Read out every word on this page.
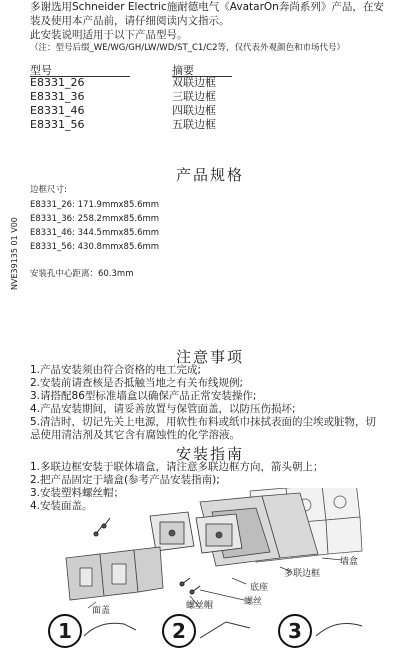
多谢选用Schneider Electric施耐德电气《AvatarOn奔尚系列》产品，在安
装及使用本产品前，请仔细阅读内文指示。
此安装说明适用于以下产品型号。
（注：型号后缀_WE/WG/GH/LW/WD/ST_C1/C2等，仅代表外观颜色和市场代号）
型号	摘要
E8331_26	双联边框
E8331_36	三联边框
E8331_46	四联边框
E8331_56	五联边框
产品规格
边框尺寸:
E8331_26: 171.9mmx85.6mm
E8331_36: 258.2mmx85.6mm
E8331_46: 344.5mmx85.6mm
E8331_56: 430.8mmx85.6mm
安装孔中心距离：60.3mm
NVE39135 01 V00
注意事项
1.产品安装须由符合资格的电工完成;
2.安装前请查核是否抵触当地之有关布线规例;
3.请搭配86型标准墙盒以确保产品正常安装操作;
4.产品安装期间，请妥善放置与保管面盖，以防压伤损坏;
5.清洁时，切记先关上电源，用软性布料或纸巾抹拭表面的尘埃或脏物，切
忌使用清洁剂及其它含有腐蚀性的化学溶液。
安装指南
1.多联边框安装于联体墙盒，请注意多联边框方向，箭头朝上；
2.把产品固定于墙盒(参考产品安装指南);
3.安装塑料螺丝帽；
4.安装面盖。
墙盒
多联边框
底座
螺丝
螺丝帽
面盖
1	2	3
